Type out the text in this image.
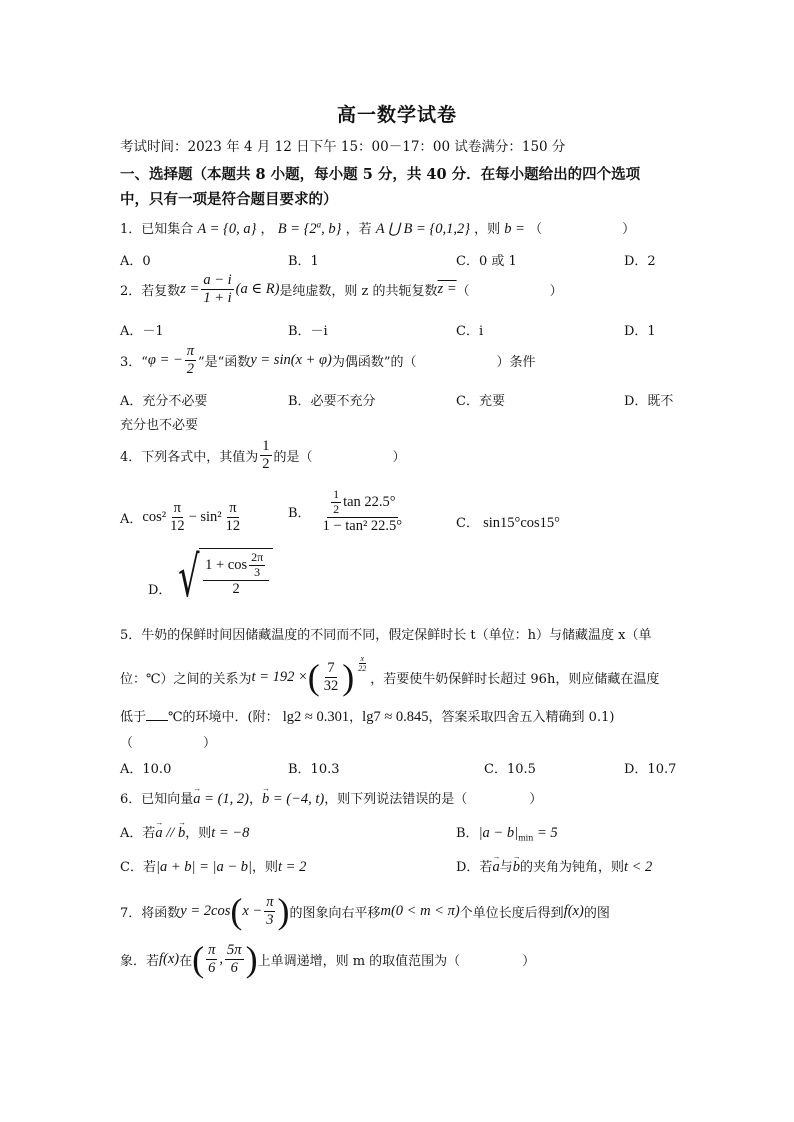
高一数学试卷
考试时间：2023 年 4 月 12 日下午 15：00－17：00 试卷满分：150 分
一、选择题（本题共 8 小题，每小题 5 分，共 40 分．在每小题给出的四个选项
中，只有一项是符合题目要求的）
1．已知集合 A = {0, a} ， $B = \{2^a$, b} ，若 A ⋃ B = {0,1,2} ，则 b = （	）
A．0	B．1	C．0 或 1	D．2
2．若复数 $z = \frac{a - i}{1 + i} (a$ ∈ R) 是纯虚数，则 z 的共轭复数 z = （	）
A．－1	B．－i	C．i	D．1
3．“ φ = − $\frac{\pi}{2}$ ”是“函数 y = sin(x + φ) 为偶函数”的（	）条件
A．充分不必要	B．必要不充分	C．充要	D．既不
充分也不必要
4．下列各式中，其值为 $\frac{1}{2}$ 的是（	）
A． $\cos^2 \frac{\pi}{12} - \sin^2 \frac{\pi}{12}$	B． $\frac{\frac{1}{2} \tan 22.5^\circ}{\text{1 − tan² 22.5°}}$	C． sin15°cos15°
D． √ $\frac{1 + \cos \frac{2\pi}{3}}{2}$
5．牛奶的保鲜时间因储藏温度的不同而不同，假定保鲜时长 t（单位：h）与储藏温度 x（单
位：℃）之间的关系为 t = 192 × ( $\frac{7}{32}$ ) $\frac{x}{22}$
，若要使牛奶保鲜时长超过 96h，则应储藏在温度
低于 ℃的环境中．(附： lg2 ≈ 0.301，lg7 ≈ 0.845，答案采取四舍五入精确到 0.1)
（	）
A．10.0	B．10.3	C．10.5	D．10.7
6．已知向量→ a = (1, 2)，→ b = (−4, t)，则下列说法错误的是（	）
A．若→ a // → b，则t = −8	B．$|a - b|_{min} = 5$
C．若|a + b| = |a − b|，则t = 2	D．若→ a与→ b的夹角为钝角，则t < 2
7．将函数 y = 2cos ( $x - \frac{\pi}{3}$ ) 的图象向右平移 m(0 < m < π) 个单位长度后得到 f(x) 的图
象．若 f(x) 在 ( $\frac{\pi}{6}$ , $\frac{5\pi}{6}$ ) 上单调递增，则 m 的取值范围为（	）
